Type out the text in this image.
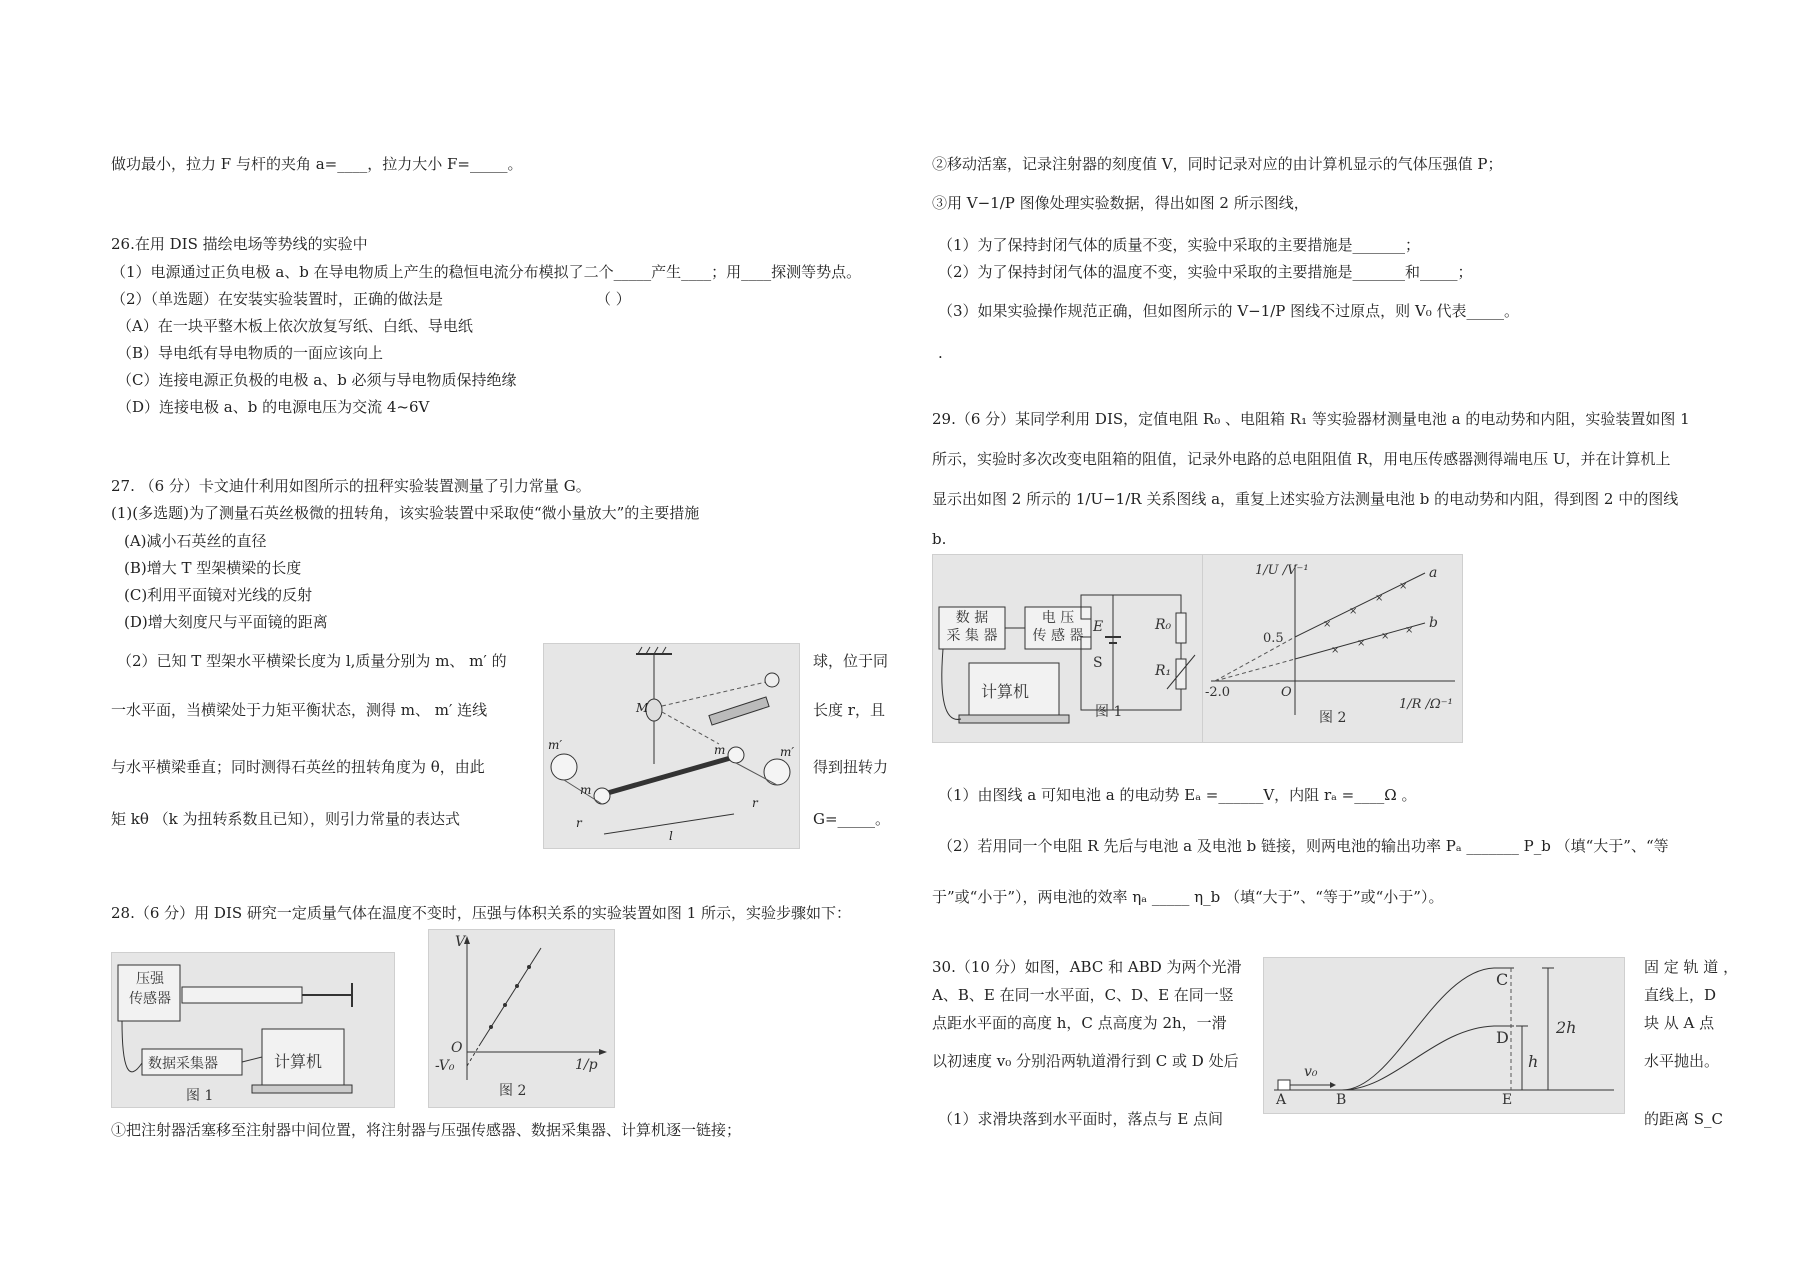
做功最小，拉力 F 与杆的夹角 a=____，拉力大小 F=_____。
26.在用 DIS 描绘电场等势线的实验中
（1）电源通过正负电极 a、b 在导电物质上产生的稳恒电流分布模拟了二个_____产生____；用____探测等势点。
（2）（单选题）在安装实验装置时，正确的做法是	（ ）
（A）在一块平整木板上依次放复写纸、白纸、导电纸
（B）导电纸有导电物质的一面应该向上
（C）连接电源正负极的电极 a、b 必须与导电物质保持绝缘
（D）连接电极 a、b 的电源电压为交流 4~6V
27. （6 分）卡文迪什利用如图所示的扭秤实验装置测量了引力常量 G。
(1)(多选题)为了测量石英丝极微的扭转角，该实验装置中采取使“微小量放大”的主要措施
(A)减小石英丝的直径
(B)增大 T 型架横梁的长度
(C)利用平面镜对光线的反射
(D)增大刻度尺与平面镜的距离
（2）已知 T 型架水平横梁长度为 l,质量分别为 m、 m′ 的	球，位于同
一水平面，当横梁处于力矩平衡状态，测得 m、 m′ 连线	长度 r，且
与水平横梁垂直；同时测得石英丝的扭转角度为 θ，由此	得到扭转力
矩 kθ （k 为扭转系数且已知），则引力常量的表达式	G=_____。
M
m
m
m′	m′
r
r
l
28.（6 分）用 DIS 研究一定质量气体在温度不变时，压强与体积关系的实验装置如图 1 所示，实验步骤如下：
压强
传感器
数据采集器	计算机
图 1
V
O
-V₀	1/p
图 2
①把注射器活塞移至注射器中间位置，将注射器与压强传感器、数据采集器、计算机逐一链接；
②移动活塞，记录注射器的刻度值 V，同时记录对应的由计算机显示的气体压强值 P；
③用 V−1/P 图像处理实验数据，得出如图 2 所示图线，
（1）为了保持封闭气体的质量不变，实验中采取的主要措施是_______；
（2）为了保持封闭气体的温度不变，实验中采取的主要措施是_______和_____；
（3）如果实验操作规范正确，但如图所示的 V−1/P 图线不过原点，则 V₀ 代表_____。
.
29.（6 分）某同学利用 DIS，定值电阻 R₀ 、电阻箱 R₁ 等实验器材测量电池 a 的电动势和内阻，实验装置如图 1
所示，实验时多次改变电阻箱的阻值，记录外电路的总电阻阻值 R，用电压传感器测得端电压 U，并在计算机上
显示出如图 2 所示的 1/U−1/R 关系图线 a，重复上述实验方法测量电池 b 的电动势和内阻，得到图 2 中的图线
b.
数 据
采 集 器
电 压
传 感 器
计算机
E
S
R₀
R₁
图 1
×
×
×
×
×
×
×
×
1/U /V⁻¹
0.5
-2.0	O
1/R /Ω⁻¹
a
b
图 2
（1）由图线 a 可知电池 a 的电动势 Eₐ =______V，内阻 rₐ =____Ω 。
（2）若用同一个电阻 R 先后与电池 a 及电池 b 链接，则两电池的输出功率 Pₐ _______ P_b （填“大于”、“等
于”或“小于”），两电池的效率 ηₐ _____ η_b （填“大于”、“等于”或“小于”）。
30.（10 分）如图，ABC 和 ABD 为两个光滑	固 定 轨 道 ，
A、B、E 在同一水平面，C、D、E 在同一竖	直线上，D
点距水平面的高度 h，C 点高度为 2h，一滑	块 从 A 点
以初速度 v₀ 分别沿两轨道滑行到 C 或 D 处后	水平抛出。
（1）求滑块落到水平面时，落点与 E 点间	的距离 S_C
A	B
C
D
E
v₀
2h
h
